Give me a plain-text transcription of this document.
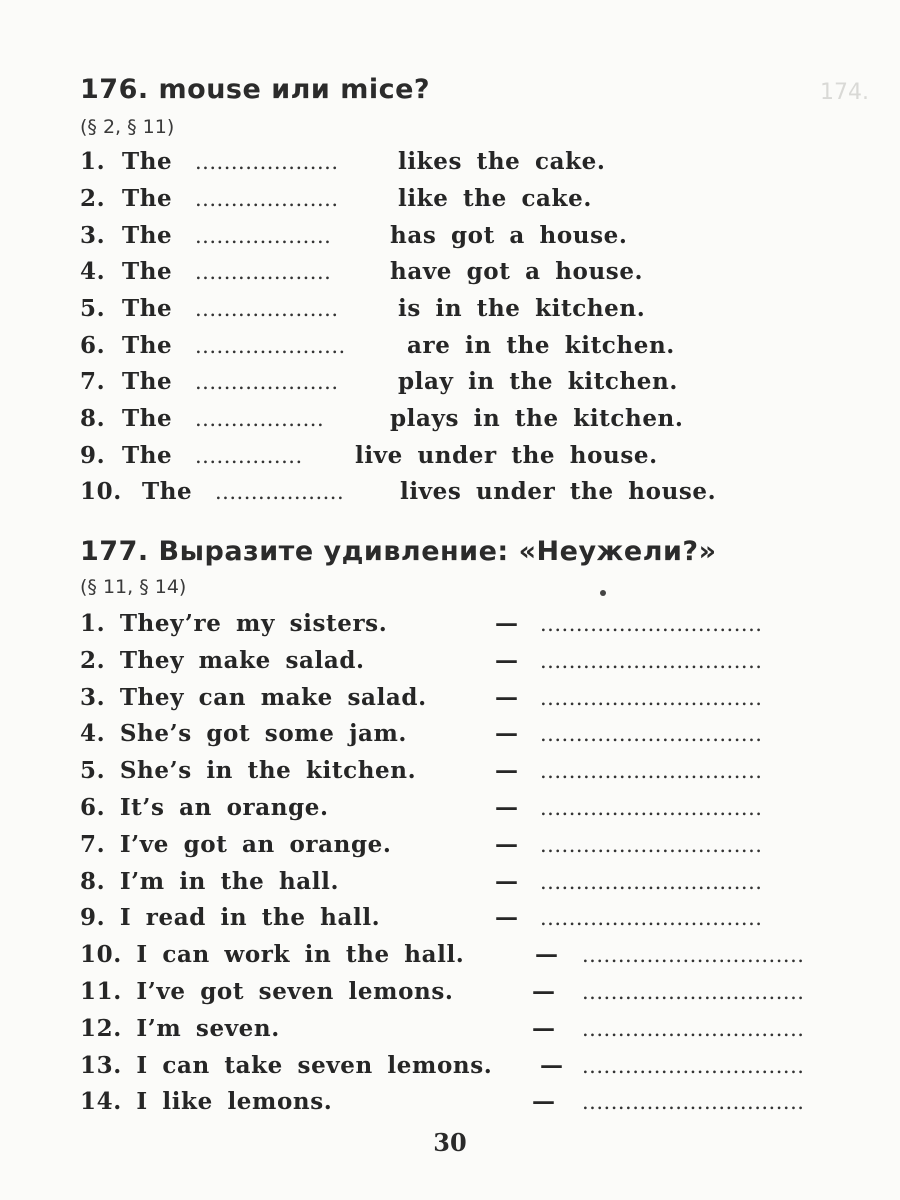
174.
176. mouse или mice?
(§ 2, § 11)
1. The ....................	likes the cake.
2. The ....................	like the cake.
3. The ...................	has got a house.
4. The ...................	have got a house.
5. The ....................	is in the kitchen.
6. The .....................	are in the kitchen.
7. The ....................	play in the kitchen.
8. The ..................	plays in the kitchen.
9. The ............... live under the house.
10. The .................. lives under the house.
177. Выразите удивление: «Неужели?»
(§ 11, § 14)
1. They’re my sisters.	— ...............................
2. They make salad.	— ...............................
3. They can make salad.	— ...............................
4. She’s got some jam.	— ...............................
5. She’s in the kitchen.	— ...............................
6. It’s an orange.	— ...............................
7. I’ve got an orange.	— ...............................
8. I’m in the hall.	— ...............................
9. I read in the hall.	— ...............................
10. I can work in the hall.	— ...............................
11. I’ve got seven lemons.	— ...............................
12. I’m seven.	— ...............................
13. I can take seven lemons. — ...............................
14. I like lemons.	— ...............................
30
